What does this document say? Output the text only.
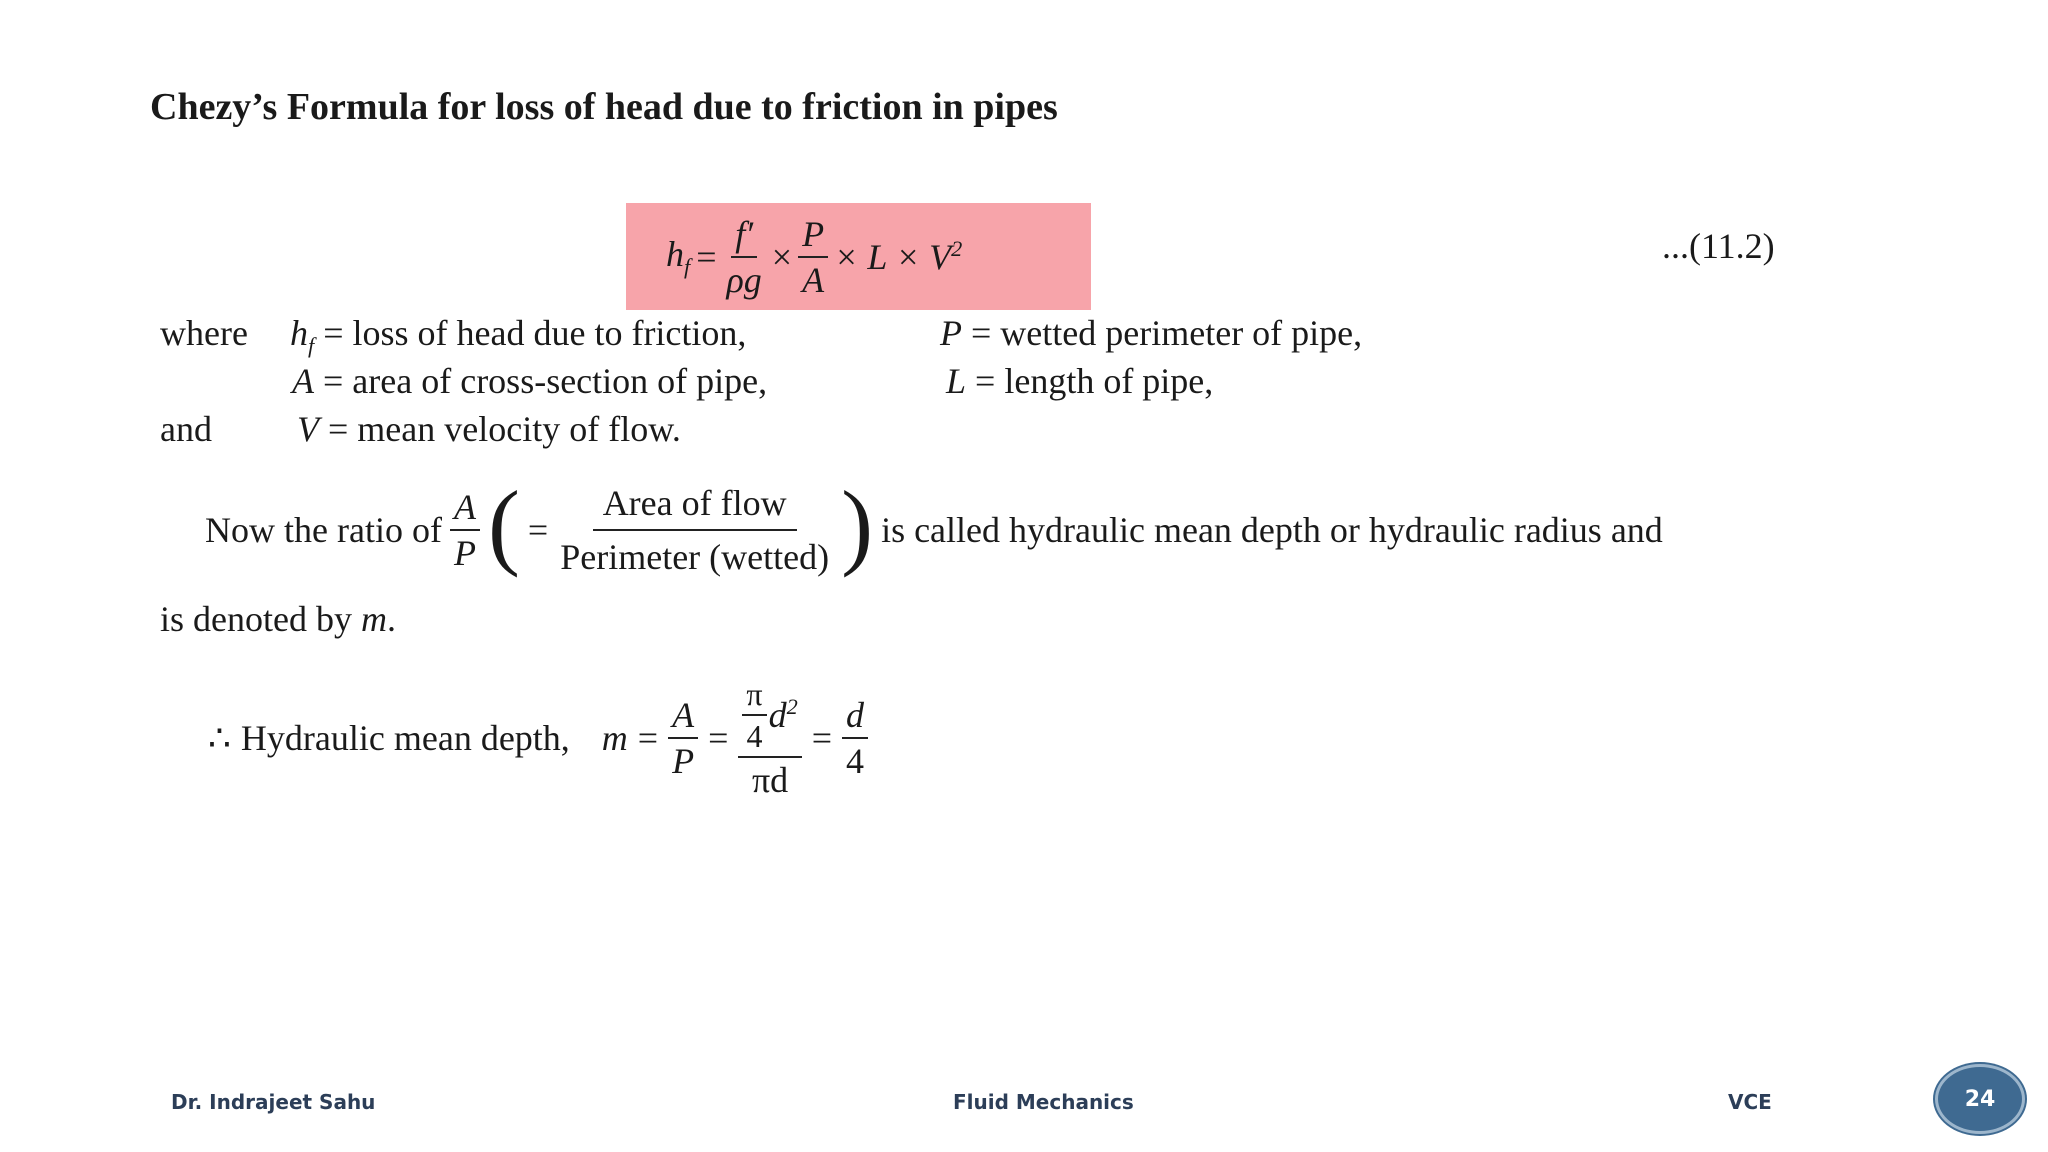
Chezy’s Formula for loss of head due to friction in pipes
$h_f = \frac{f'}{\rho g} \times \frac{P}{A} \times L \times V^2$	...(11.2)
where $h_f$ = loss of head due to friction,	P = wetted perimeter of pipe,
A = area of cross-section of pipe,	L = length of pipe,
and V = mean velocity of flow.
Now the ratio of $\frac{A}{P}$ ( = $\frac{\text{Area of flow}}{\text{Perimeter (wetted)}}$ ) is called hydraulic mean depth or hydraulic radius and
is denoted by m.
∴ Hydraulic mean depth, $m = \frac{A}{P} = \frac{\frac{\pi}{4} d^2}{\pi d} = \frac{d}{4}$
Dr. Indrajeet Sahu	Fluid Mechanics	VCE	24
